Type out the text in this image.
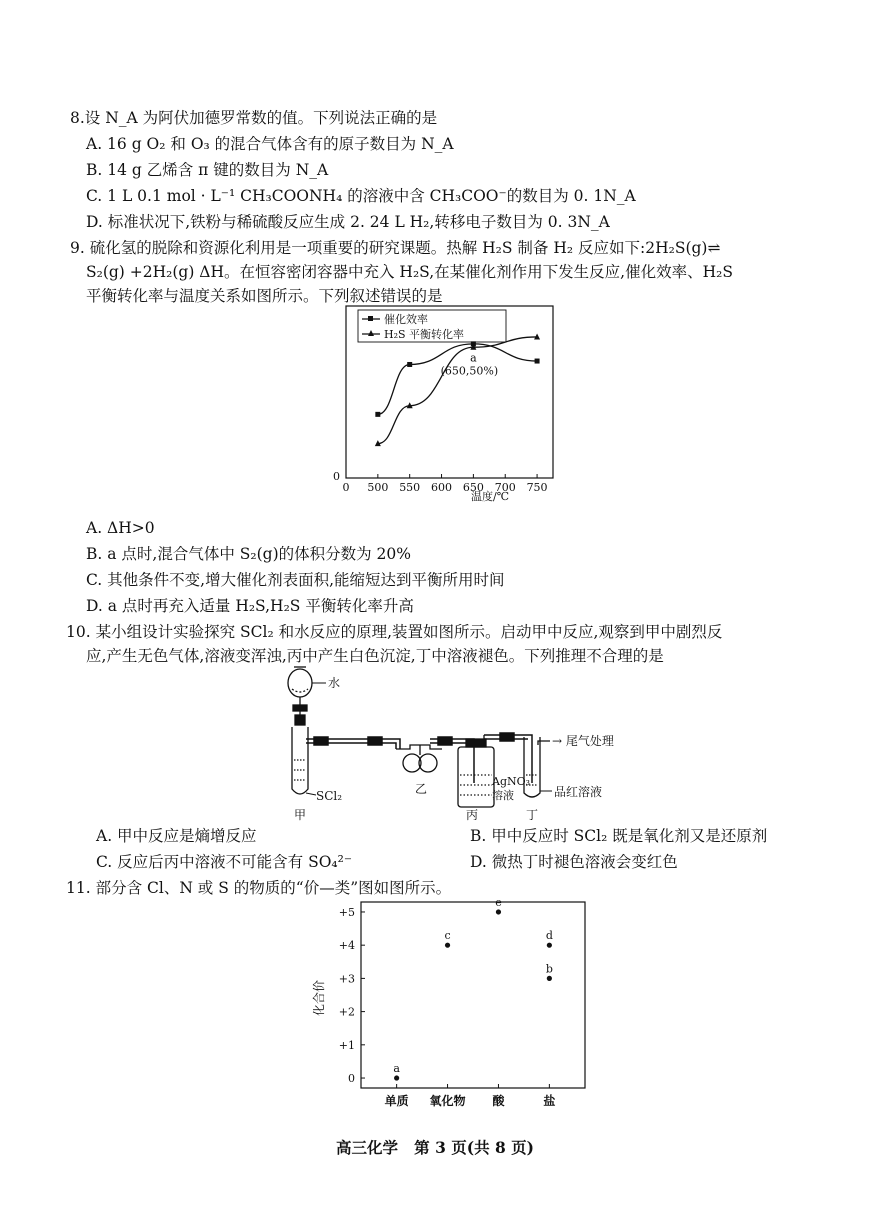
8.设 N_A 为阿伏加德罗常数的值。下列说法正确的是
A. 16 g O₂ 和 O₃ 的混合气体含有的原子数目为 N_A
B. 14 g 乙烯含 π 键的数目为 N_A
C. 1 L 0.1 mol · L⁻¹ CH₃COONH₄ 的溶液中含 CH₃COO⁻的数目为 0. 1N_A
D. 标准状况下,铁粉与稀硫酸反应生成 2. 24 L H₂,转移电子数目为 0. 3N_A
9. 硫化氢的脱除和资源化利用是一项重要的研究课题。热解 H₂S 制备 H₂ 反应如下:2H₂S(g)⇌
S₂(g) +2H₂(g) ΔH。在恒容密闭容器中充入 H₂S,在某催化剂作用下发生反应,催化效率、H₂S
平衡转化率与温度关系如图所示。下列叙述错误的是
催化效率
H₂S 平衡转化率
0 500 550 600 650 700 750
a
(650,50%)
温度/℃
0
A. ΔH>0
B. a 点时,混合气体中 S₂(g)的体积分数为 20%
C. 其他条件不变,增大催化剂表面积,能缩短达到平衡所用时间
D. a 点时再充入适量 H₂S,H₂S 平衡转化率升高
10. 某小组设计实验探究 SCl₂ 和水反应的原理,装置如图所示。启动甲中反应,观察到甲中剧烈反
应,产生无色气体,溶液变浑浊,丙中产生白色沉淀,丁中溶液褪色。下列推理不合理的是
水
SCl₂
甲
乙
AgNO₃
溶液
丙
→ 尾气处理
品红溶液
丁
A. 甲中反应是熵增反应	B. 甲中反应时 SCl₂ 既是氧化剂又是还原剂
C. 反应后丙中溶液不可能含有 SO₄²⁻	D. 微热丁时褪色溶液会变红色
11. 部分含 Cl、N 或 S 的物质的“价—类”图如图所示。
0
+1
+2
+3
+4
+5
单质 氧化物 酸	盐
a
c
e
d
b
化合价
高三化学   第 3 页(共 8 页)
